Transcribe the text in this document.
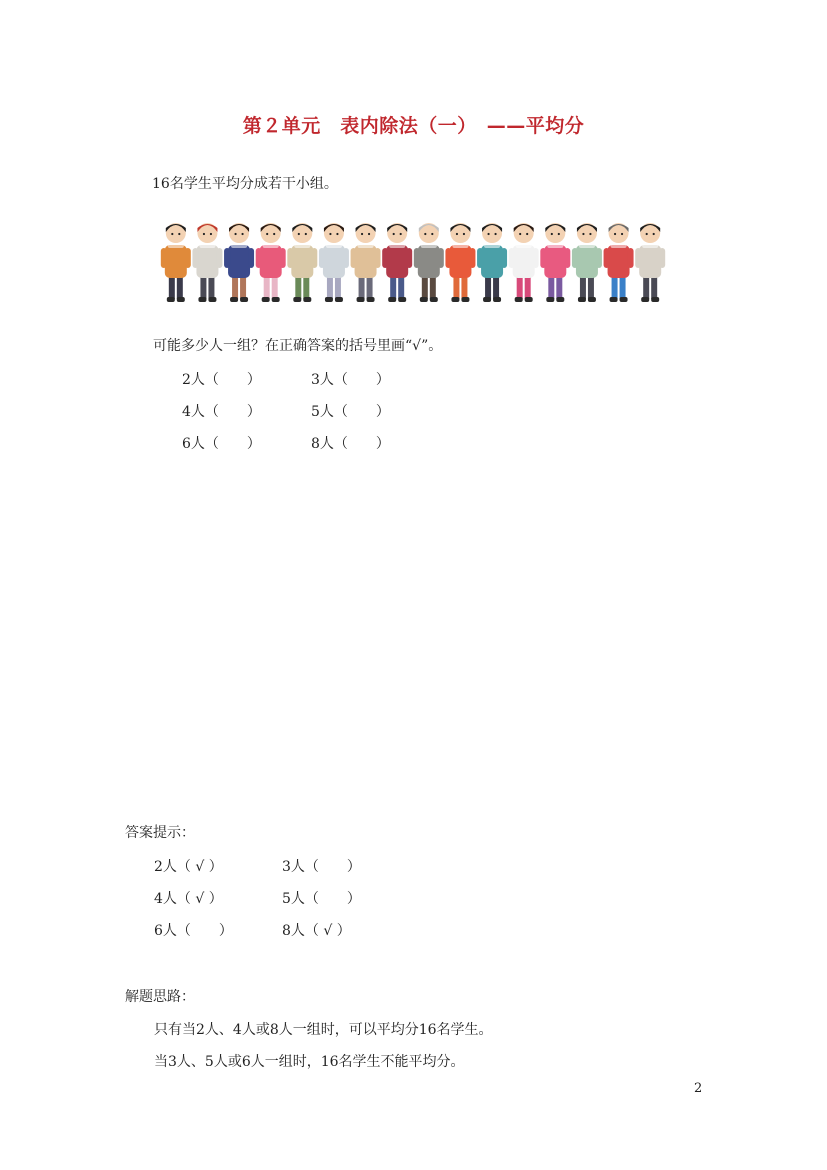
第２单元　表内除法（一）　——平均分
16名学生平均分成若干小组。
可能多少人一组？在正确答案的括号里画“√”。
2人（　　）	3人（　　）
4人（　　）	5人（　　）
6人（　　）	8人（　　）
答案提示：
2人（ √ ）	3人（　　）
4人（ √ ）	5人（　　）
6人（　　）	8人（ √ ）
解题思路：
只有当2人、4人或8人一组时，可以平均分16名学生。
当3人、5人或6人一组时，16名学生不能平均分。
2
